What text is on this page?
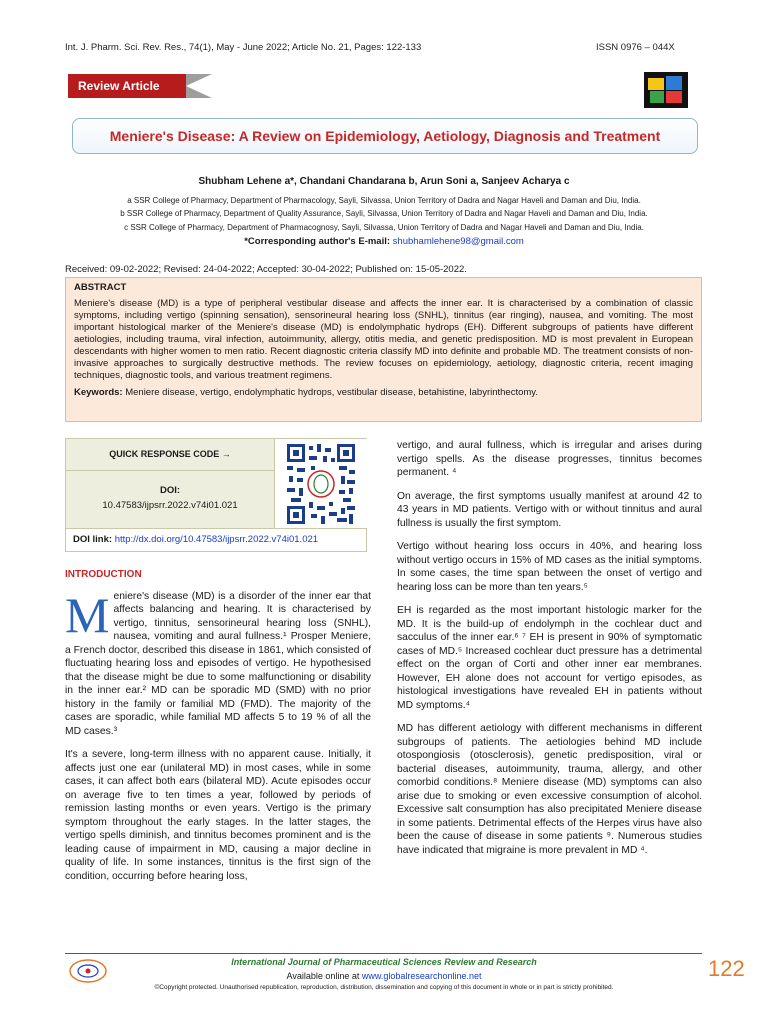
Int. J. Pharm. Sci. Rev. Res., 74(1), May - June 2022; Article No. 21, Pages: 122-133	ISSN 0976 – 044X
Review Article
Meniere's Disease: A Review on Epidemiology, Aetiology, Diagnosis and Treatment
Shubham Lehene a*, Chandani Chandarana b, Arun Soni a, Sanjeev Acharya c
a SSR College of Pharmacy, Department of Pharmacology, Sayli, Silvassa, Union Territory of Dadra and Nagar Haveli and Daman and Diu, India.
b SSR College of Pharmacy, Department of Quality Assurance, Sayli, Silvassa, Union Territory of Dadra and Nagar Haveli and Daman and Diu, India.
c SSR College of Pharmacy, Department of Pharmacognosy, Sayli, Silvassa, Union Territory of Dadra and Nagar Haveli and Daman and Diu, India.
*Corresponding author's E-mail: shubhamlehene98@gmail.com
Received: 09-02-2022; Revised: 24-04-2022; Accepted: 30-04-2022; Published on: 15-05-2022.
ABSTRACT
Meniere's disease (MD) is a type of peripheral vestibular disease and affects the inner ear. It is characterised by a combination of classic symptoms, including vertigo (spinning sensation), sensorineural hearing loss (SNHL), tinnitus (ear ringing), nausea, and vomiting. The most important histological marker of the Meniere's disease (MD) is endolymphatic hydrops (EH). Different subgroups of patients have different aetiologies, including trauma, viral infection, autoimmunity, allergy, otitis media, and genetic predisposition. MD is most prevalent in European descendants with higher women to men ratio. Recent diagnostic criteria classify MD into definite and probable MD. The treatment consists of non-invasive approaches to surgically destructive methods. The review focuses on epidemiology, aetiology, diagnostic criteria, recent imaging techniques, diagnostic tools, and various treatment regimens.
Keywords: Meniere disease, vertigo, endolymphatic hydrops, vestibular disease, betahistine, labyrinthectomy.
QUICK RESPONSE CODE →
DOI:
10.47583/ijpsrr.2022.v74i01.021
DOI link: http://dx.doi.org/10.47583/ijpsrr.2022.v74i01.021
INTRODUCTION

Meniere's disease (MD) is a disorder of the inner ear that affects balancing and hearing. It is characterised by vertigo, tinnitus, sensorineural hearing loss (SNHL), nausea, vomiting and aural fullness.¹ Prosper Meniere, a French doctor, described this disease in 1861, which consisted of fluctuating hearing loss and episodes of vertigo. He hypothesised that the disease might be due to some malfunctioning or disability in the inner ear.² MD can be sporadic MD (SMD) with no prior history in the family or familial MD (FMD). The majority of the cases are sporadic, while familial MD affects 5 to 19 % of all the MD cases.³

It's a severe, long-term illness with no apparent cause. Initially, it affects just one ear (unilateral MD) in most cases, while in some cases, it can affect both ears (bilateral MD). Acute episodes occur on average five to ten times a year, followed by periods of remission lasting months or even years. Vertigo is the primary symptom throughout the early stages. In the latter stages, the vertigo spells diminish, and tinnitus becomes prominent and is the leading cause of impairment in MD, causing a major decline in quality of life. In some instances, tinnitus is the first sign of the condition, occurring before hearing loss,

vertigo, and aural fullness, which is irregular and arises during vertigo spells. As the disease progresses, tinnitus becomes permanent. ⁴

On average, the first symptoms usually manifest at around 42 to 43 years in MD patients. Vertigo with or without tinnitus and aural fullness is usually the first symptom.

Vertigo without hearing loss occurs in 40%, and hearing loss without vertigo occurs in 15% of MD cases as the initial symptoms. In some cases, the time span between the onset of vertigo and hearing loss can be more than ten years.⁵

EH is regarded as the most important histologic marker for the MD. It is the build-up of endolymph in the cochlear duct and sacculus of the inner ear.⁶ ⁷ EH is present in 90% of symptomatic cases of MD.⁵ Increased cochlear duct pressure has a detrimental effect on the organ of Corti and other inner ear membranes. However, EH alone does not account for vertigo episodes, as histological investigations have revealed EH in patients without MD symptoms.⁴

MD has different aetiology with different mechanisms in different subgroups of patients. The aetiologies behind MD include otospongiosis (otosclerosis), genetic predisposition, viral or bacterial diseases, autoimmunity, trauma, allergy, and other comorbid conditions.⁸ Meniere disease (MD) symptoms can also arise due to smoking or even excessive consumption of alcohol. Excessive salt consumption has also precipitated Meniere disease in some patients. Detrimental effects of the Herpes virus have also been the cause of disease in some patients ⁹. Numerous studies have indicated that migraine is more prevalent in MD ⁴.

International Journal of Pharmaceutical Sciences Review and Research
Available online at www.globalresearchonline.net
©Copyright protected. Unauthorised republication, reproduction, distribution, dissemination and copying of this document in whole or in part is strictly prohibited.
122
